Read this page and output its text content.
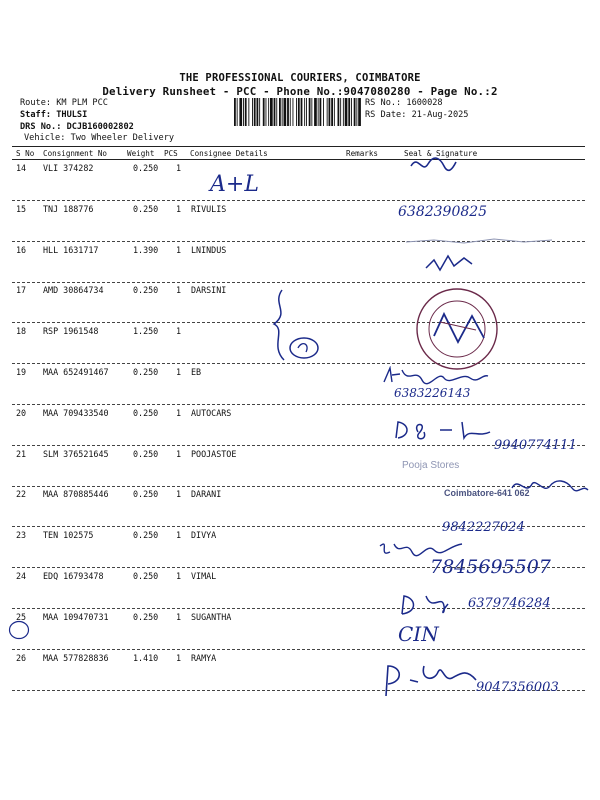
THE PROFESSIONAL COURIERS, COIMBATORE
Delivery Runsheet - PCC - Phone No.:9047080280 - Page No.:2
Route: KM PLM PCC
Staff: THULSI
DRS No.: DCJB160002802
Vehicle: Two Wheeler Delivery
RS No.: 1600028
RS Date: 21-Aug-2025
S No Consignment No	Weight PCS Consignee Details	Remarks	Seal & Signature
14 VLI 374282	0.250 1
15 TNJ 188776	0.250 1 RIVULIS
16 HLL 1631717	1.390 1 LNINDUS
17 AMD 30864734	0.250 1 DARSINI
18 RSP 1961548	1.250 1
19 MAA 652491467	0.250 1 EB
20 MAA 709433540	0.250 1 AUTOCARS
21 SLM 376521645	0.250 1 POOJASTOE
22 MAA 870885446	0.250 1 DARANI
23 TEN 102575	0.250 1 DIVYA
24 EDQ 16793478	0.250 1 VIMAL
25 MAA 109470731	0.250 1 SUGANTHA
26 MAA 577828836	1.410 1 RAMYA
A+L
6382390825
6383226143
9940774111
Pooja Stores
Coimbatore-641 062
9842227024
7845695507
6379746284
CIN
9047356003
